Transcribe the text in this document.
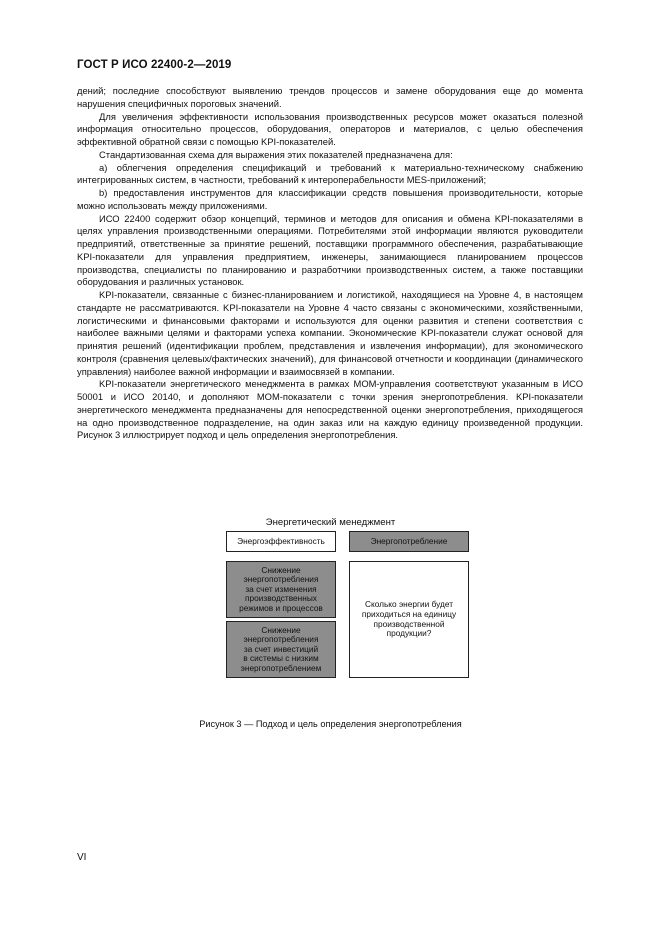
ГОСТ Р ИСО 22400-2—2019

дений; последние способствуют выявлению трендов процессов и замене оборудования еще до момента нарушения специфичных пороговых значений.

Для увеличения эффективности использования производственных ресурсов может оказаться полезной информация относительно процессов, оборудования, операторов и материалов, с целью обеспечения эффективной обратной связи с помощью KPI-показателей.

Стандартизованная схема для выражения этих показателей предназначена для:

a) облегчения определения спецификаций и требований к материально-техническому снабжению интегрированных систем, в частности, требований к интероперабельности MES-приложений;

b) предоставления инструментов для классификации средств повышения производительности, которые можно использовать между приложениями.

ИСО 22400 содержит обзор концепций, терминов и методов для описания и обмена KPI-показателями в целях управления производственными операциями. Потребителями этой информации являются руководители предприятий, ответственные за принятие решений, поставщики программного обеспечения, разрабатывающие KPI-показатели для управления предприятием, инженеры, занимающиеся планированием процессов производства, специалисты по планированию и разработчики производственных систем, а также поставщики оборудования и различных установок.

KPI-показатели, связанные с бизнес-планированием и логистикой, находящиеся на Уровне 4, в настоящем стандарте не рассматриваются. KPI-показатели на Уровне 4 часто связаны с экономическими, хозяйственными, логистическими и финансовыми факторами и используются для оценки развития и степени соответствия с наиболее важными целями и факторами успеха компании. Экономические KPI-показатели служат основой для принятия решений (идентификации проблем, представления и извлечения информации), для экономического контроля (сравнения целевых/фактических значений), для финансовой отчетности и координации (динамического управления) наиболее важной информации и взаимосвязей в компании.

KPI-показатели энергетического менеджмента в рамках MOM-управления соответствуют указанным в ИСО 50001 и ИСО 20140, и дополняют MOM-показатели с точки зрения энергопотребления. KPI-показатели энергетического менеджмента предназначены для непосредственной оценки энергопотребления, приходящегося на одно производственное подразделение, на один заказ или на каждую единицу произведенной продукции. Рисунок 3 иллюстрирует подход и цель определения энергопотребления.

Энергетический менеджмент
Энергоэффективность	Энергопотребление
Снижение
энергопотребления
за счет изменения
производственных
режимов и процессов
Снижение
энергопотребления
за счет инвестиций
в системы с низким
энергопотреблением
Сколько энергии будет
приходиться на единицу
производственной
продукции?
Рисунок 3 — Подход и цель определения энергопотребления
VI
